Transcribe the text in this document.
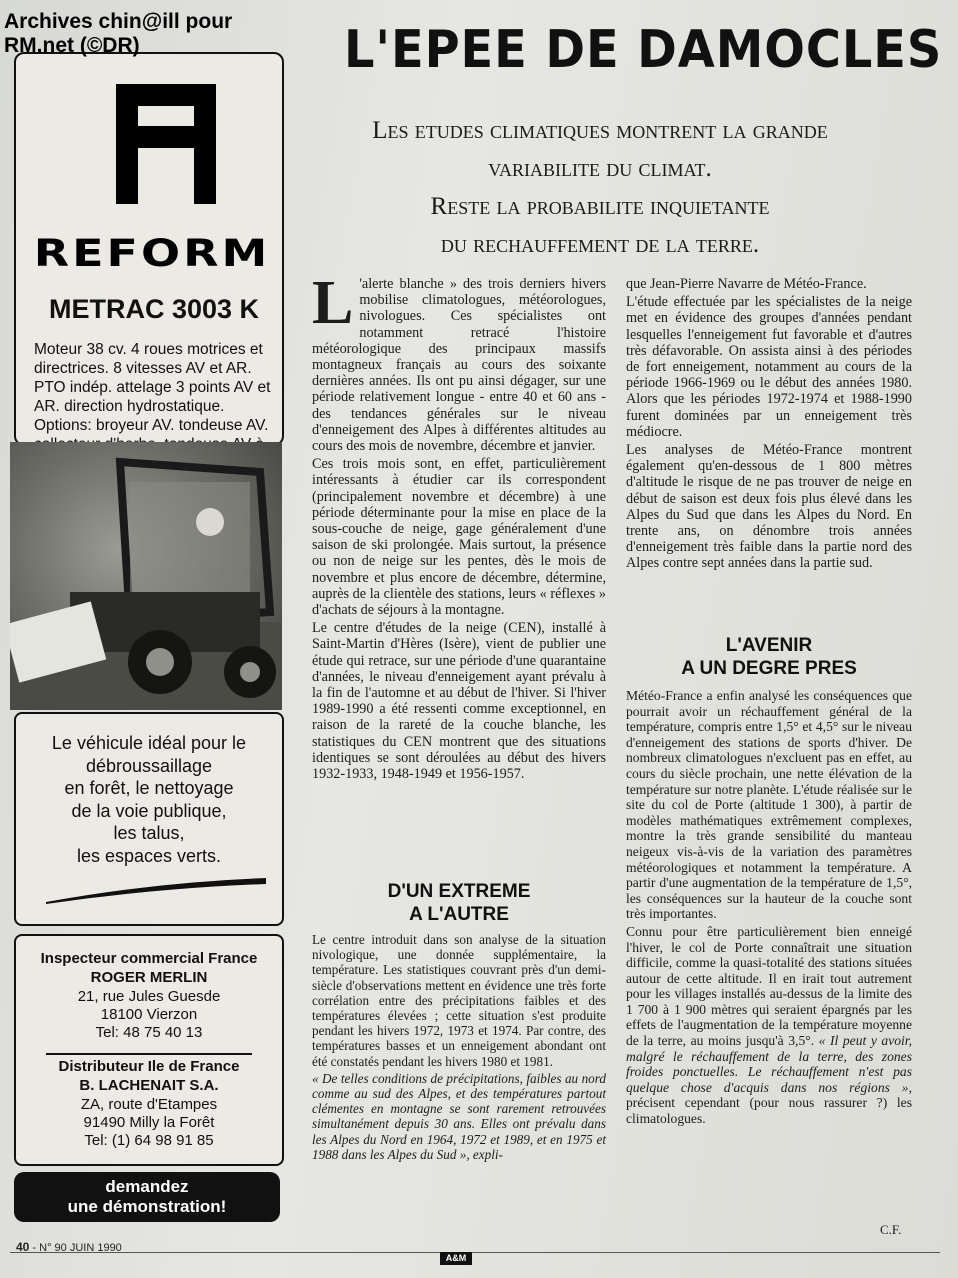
Archives chin@ill pour
RM.net (©DR)
REFORM
METRAC 3003 K
Moteur 38 cv. 4 roues motrices et directrices. 8 vitesses AV et AR. PTO indép. attelage 3 points AV et AR. direction hydrostatique. Options: broyeur AV. tondeuse AV.
Le véhicule idéal pour le
débroussaillage
en forêt, le nettoyage
de la voie publique,
les talus,
les espaces verts.
Inspecteur commercial France
ROGER MERLIN
21, rue Jules Guesde
18100 Vierzon
Tel: 48 75 40 13
Distributeur Ile de France
B. LACHENAIT S.A.
ZA, route d'Etampes
91490 Milly la Forêt
Tel: (1) 64 98 91 85
demandez
une démonstration!
L'EPEE DE DAMOCLES
Les etudes climatiques montrent la grande
variabilite du climat.
Reste la probabilite inquietante
du rechauffement de la terre.

L 'alerte blanche » des trois derniers hivers mobilise climatologues, météorologues, nivologues. Ces spécialistes ont notamment retracé l'histoire météorologique des principaux massifs montagneux français au cours des soixante dernières années. Ils ont pu ainsi dégager, sur une période relativement longue - entre 40 et 60 ans - des tendances générales sur le niveau d'enneigement des Alpes à différentes altitudes au cours des mois de novembre, décembre et janvier.

Ces trois mois sont, en effet, particulièrement intéressants à étudier car ils correspondent (principalement novembre et décembre) à une période déterminante pour la mise en place de la sous-couche de neige, gage généralement d'une saison de ski prolongée. Mais surtout, la présence ou non de neige sur les pentes, dès le mois de novembre et plus encore de décembre, détermine, auprès de la clientèle des stations, leurs « réflexes » d'achats de séjours à la montagne.

Le centre d'études de la neige (CEN), installé à Saint-Martin d'Hères (Isère), vient de publier une étude qui retrace, sur une période d'une quarantaine d'années, le niveau d'enneigement ayant prévalu à la fin de l'automne et au début de l'hiver. Si l'hiver 1989-1990 a été ressenti comme exceptionnel, en raison de la rareté de la couche blanche, les statistiques du CEN montrent que des situations identiques se sont déroulées au début des hivers 1932-1933, 1948-1949 et 1956-1957.

que Jean-Pierre Navarre de Météo-France.

L'étude effectuée par les spécialistes de la neige met en évidence des groupes d'années pendant lesquelles l'enneigement fut favorable et d'autres très défavorable. On assista ainsi à des périodes de fort enneigement, notamment au cours de la période 1966-1969 ou le début des années 1980. Alors que les périodes 1972-1974 et 1988-1990 furent dominées par un enneigement très médiocre.

Les analyses de Météo-France montrent également qu'en-dessous de 1 800 mètres d'altitude le risque de ne pas trouver de neige en début de saison est deux fois plus élevé dans les Alpes du Sud que dans les Alpes du Nord. En trente ans, on dénombre trois années d'enneigement très faible dans la partie nord des Alpes contre sept années dans la partie sud.

D'UN EXTREME
A L'AUTRE

Le centre introduit dans son analyse de la situation nivologique, une donnée supplémentaire, la température. Les statistiques couvrant près d'un demi-siècle d'observations mettent en évidence une très forte corrélation entre des précipitations faibles et des températures élevées ; cette situation s'est produite pendant les hivers 1972, 1973 et 1974. Par contre, des températures basses et un enneigement abondant ont été constatés pendant les hivers 1980 et 1981.

« De telles conditions de précipitations, faibles au nord comme au sud des Alpes, et des températures partout clémentes en montagne se sont rarement retrouvées simultanément depuis 30 ans. Elles ont prévalu dans les Alpes du Nord en 1964, 1972 et 1989, et en 1975 et 1988 dans les Alpes du Sud », expli-

L'AVENIR
A UN DEGRE PRES

Météo-France a enfin analysé les conséquences que pourrait avoir un réchauffement général de la température, compris entre 1,5° et 4,5° sur le niveau d'enneigement des stations de sports d'hiver. De nombreux climatologues n'excluent pas en effet, au cours du siècle prochain, une nette élévation de la température sur notre planète. L'étude réalisée sur le site du col de Porte (altitude 1 300), à partir de modèles mathématiques extrêmement complexes, montre la très grande sensibilité du manteau neigeux vis-à-vis de la variation des paramètres météorologiques et notamment la température. A partir d'une augmentation de la température de 1,5°, les conséquences sur la hauteur de la couche sont très importantes.

Connu pour être particulièrement bien enneigé l'hiver, le col de Porte connaîtrait une situation difficile, comme la quasi-totalité des stations situées autour de cette altitude. Il en irait tout autrement pour les villages installés au-dessus de la limite des 1 700 à 1 900 mètres qui seraient épargnés par les effets de l'augmentation de la température moyenne de la terre, au moins jusqu'à 3,5°. « Il peut y avoir, malgré le réchauffement de la terre, des zones froides ponctuelles. Le réchauffement n'est pas quelque chose d'acquis dans nos régions », précisent cependant (pour nous rassurer ?) les climatologues.

C.F.
40 - N° 90 JUIN 1990
A&M
